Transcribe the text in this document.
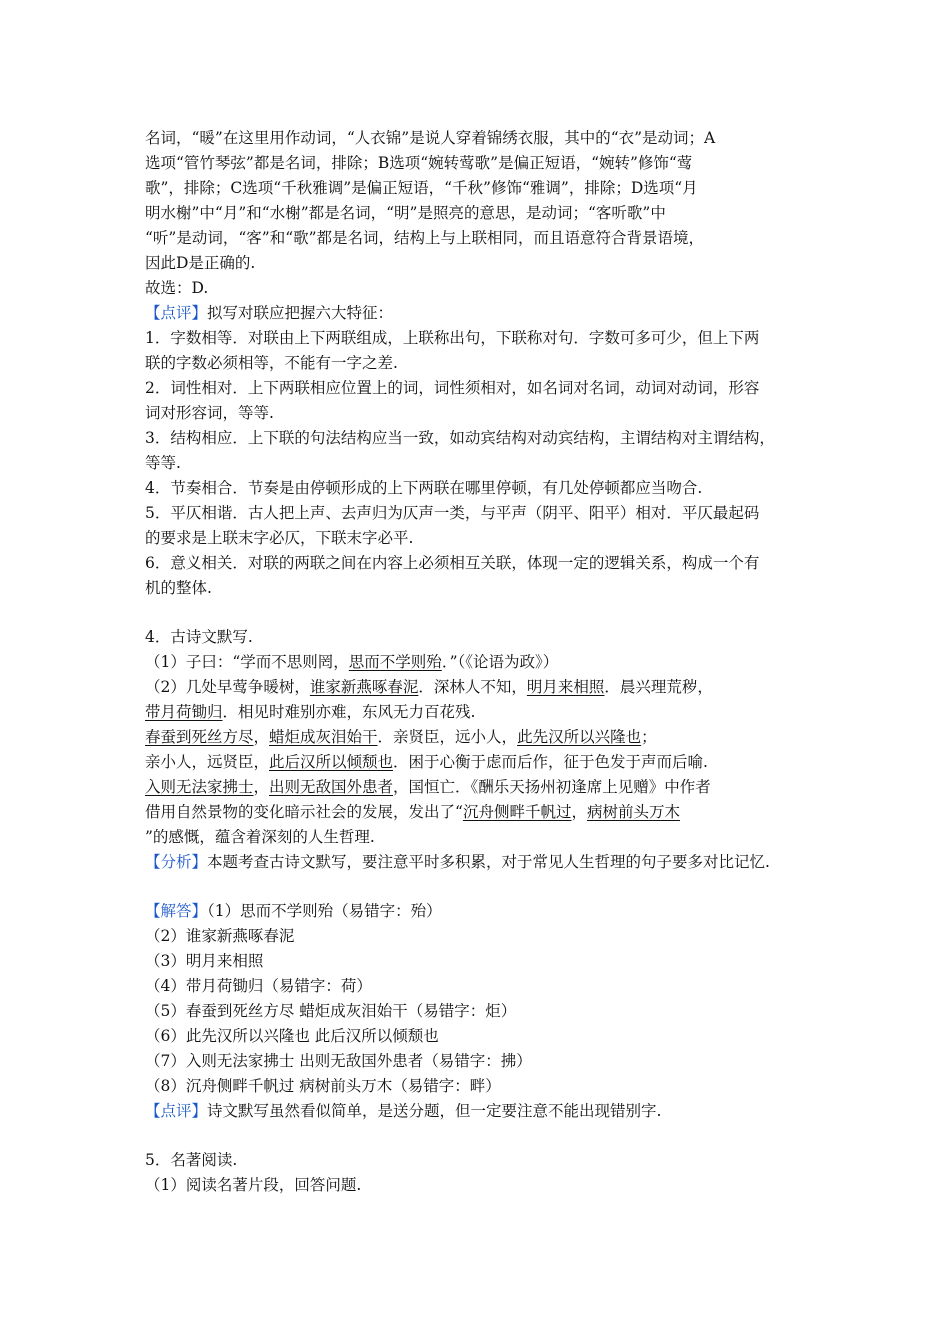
名词，“暖”在这里用作动词，“人衣锦”是说人穿着锦绣衣服，其中的“衣”是动词；A
选项“管竹琴弦”都是名词，排除；B选项“婉转莺歌”是偏正短语，“婉转”修饰“莺
歌”，排除；C选项“千秋雅调”是偏正短语，“千秋”修饰“雅调”，排除；D选项“月
明水榭”中“月”和“水榭”都是名词，“明”是照亮的意思，是动词；“客听歌”中
“听”是动词，“客”和“歌”都是名词，结构上与上联相同，而且语意符合背景语境，
因此D是正确的.
故选：D.
【点评】拟写对联应把握六大特征：
1．字数相等．对联由上下两联组成，上联称出句，下联称对句．字数可多可少，但上下两
联的字数必须相等，不能有一字之差.
2．词性相对．上下两联相应位置上的词，词性须相对，如名词对名词，动词对动词，形容
词对形容词，等等.
3．结构相应．上下联的句法结构应当一致，如动宾结构对动宾结构，主谓结构对主谓结构，
等等.
4．节奏相合．节奏是由停顿形成的上下两联在哪里停顿，有几处停顿都应当吻合.
5．平仄相谐．古人把上声、去声归为仄声一类，与平声（阴平、阳平）相对．平仄最起码
的要求是上联末字必仄，下联末字必平.
6．意义相关．对联的两联之间在内容上必须相互关联，体现一定的逻辑关系，构成一个有
机的整体.
4．古诗文默写.
（1）子曰：“学而不思则罔，思而不学则殆．”（《论语为政》）
（2）几处早莺争暖树，谁家新燕啄春泥．深林人不知，明月来相照．晨兴理荒秽，
带月荷锄归．相见时难别亦难，东风无力百花残.
春蚕到死丝方尽，蜡炬成灰泪始干．亲贤臣，远小人，此先汉所以兴隆也；
亲小人，远贤臣，此后汉所以倾颓也．困于心衡于虑而后作，征于色发于声而后喻.
入则无法家拂士，出则无敌国外患者，国恒亡．《酬乐天扬州初逢席上见赠》中作者
借用自然景物的变化暗示社会的发展，发出了“沉舟侧畔千帆过，病树前头万木
”的感慨，蕴含着深刻的人生哲理.
【分析】本题考查古诗文默写，要注意平时多积累，对于常见人生哲理的句子要多对比记忆.
【解答】（1）思而不学则殆（易错字：殆）
（2）谁家新燕啄春泥
（3）明月来相照
（4）带月荷锄归（易错字：荷）
（5）春蚕到死丝方尽 蜡炬成灰泪始干（易错字：炬）
（6）此先汉所以兴隆也 此后汉所以倾颓也
（7）入则无法家拂士 出则无敌国外患者（易错字：拂）
（8）沉舟侧畔千帆过 病树前头万木（易错字：畔）
【点评】诗文默写虽然看似简单，是送分题，但一定要注意不能出现错别字.
5．名著阅读.
（1）阅读名著片段，回答问题.
